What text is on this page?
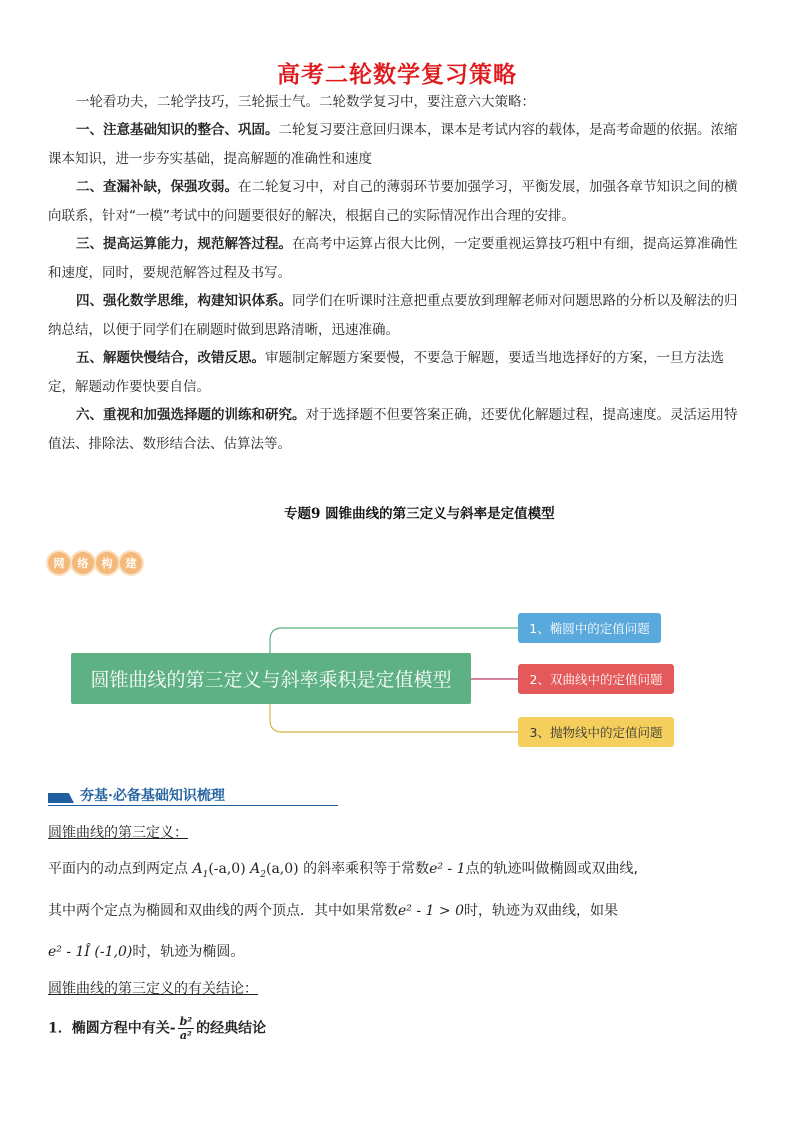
高考二轮数学复习策略

一轮看功夫，二轮学技巧，三轮振士气。二轮数学复习中，要注意六大策略：

一、注意基础知识的整合、巩固。二轮复习要注意回归课本，课本是考试内容的载体，是高考命题的依据。浓缩课本知识，进一步夯实基础，提高解题的准确性和速度

二、查漏补缺，保强攻弱。在二轮复习中，对自己的薄弱环节要加强学习，平衡发展，加强各章节知识之间的横向联系，针对“一模”考试中的问题要很好的解决，根据自己的实际情况作出合理的安排。

三、提高运算能力，规范解答过程。在高考中运算占很大比例，一定要重视运算技巧粗中有细，提高运算准确性和速度，同时，要规范解答过程及书写。

四、强化数学思维，构建知识体系。同学们在听课时注意把重点要放到理解老师对问题思路的分析以及解法的归纳总结，以便于同学们在刷题时做到思路清晰，迅速准确。

五、解题快慢结合，改错反思。审题制定解题方案要慢，不要急于解题，要适当地选择好的方案，一旦方法选定，解题动作要快要自信。

六、重视和加强选择题的训练和研究。对于选择题不但要答案正确，还要优化解题过程，提高速度。灵活运用特值法、排除法、数形结合法、估算法等。

专题9 圆锥曲线的第三定义与斜率是定值模型
网	络	构	建
圆锥曲线的第三定义与斜率乘积是定值模型
1、椭圆中的定值问题
2、双曲线中的定值问题
3、抛物线中的定值问题
夯基·必备基础知识梳理
圆锥曲线的第三定义：
平面内的动点到两定点 $A_1(-a,0)$ $A_2(a,0)$ 的斜率乘积等于常数e² - 1点的轨迹叫做椭圆或双曲线,
其中两个定点为椭圆和双曲线的两个顶点．其中如果常数e² - 1 > 0时，轨迹为双曲线，如果
e² - 1Î (-1,0)时，轨迹为椭圆。
圆锥曲线的第三定义的有关结论：
1．椭圆方程中有关- $\frac{\text{b²}}{\text{a²}}$ 的经典结论
